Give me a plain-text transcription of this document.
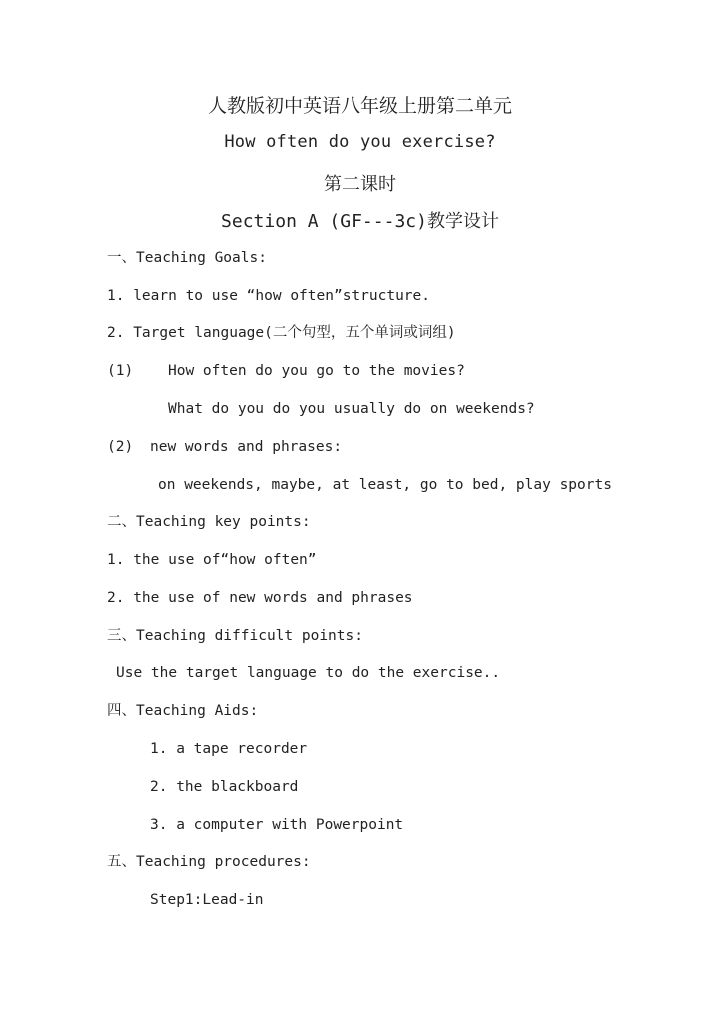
人教版初中英语八年级上册第二单元
How often do you exercise?
第二课时
Section A (GF---3c)教学设计
一、Teaching Goals:
1. learn to use “how often”structure.
2. Target language(二个句型，五个单词或词组)
(1) How often do you go to the movies?
What do you do you usually do on weekends?
(2) new words and phrases:
on weekends, maybe, at least, go to bed, play sports
二、Teaching key points:
1. the use of“how often”
2. the use of new words and phrases
三、Teaching difficult points:
Use the target language to do the exercise..
四、Teaching Aids:
1. a tape recorder
2. the blackboard
3. a computer with Powerpoint
五、Teaching procedures:
Step1:Lead-in
